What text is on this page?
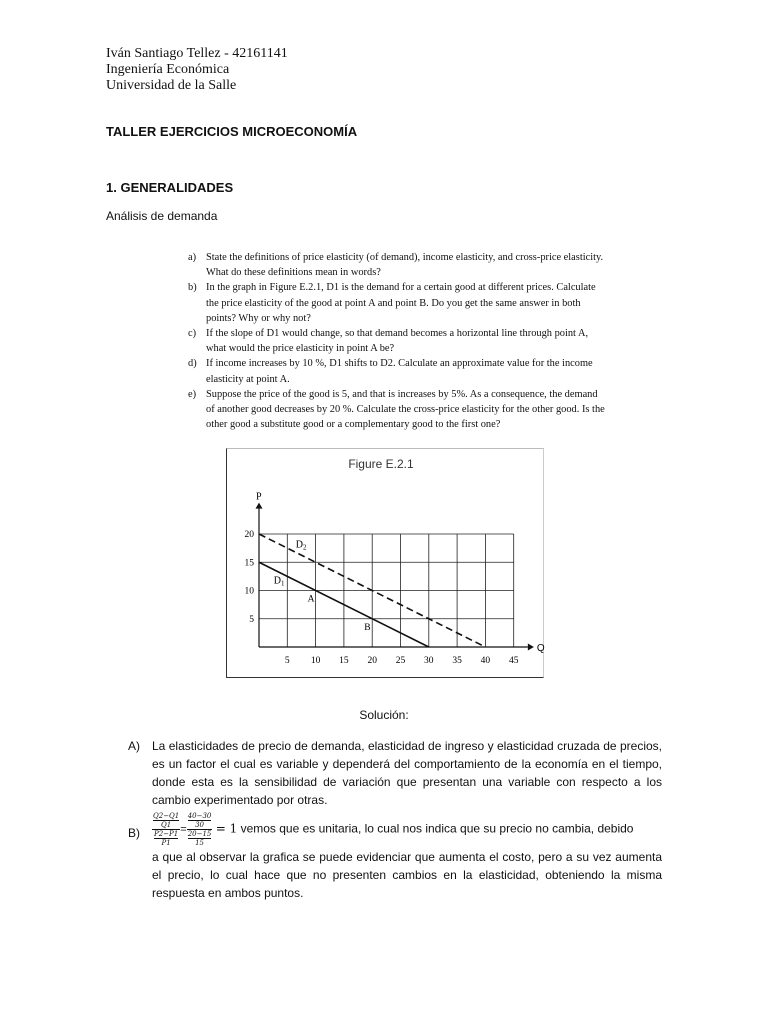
Iván Santiago Tellez - 42161141
Ingeniería Económica
Universidad de la Salle
TALLER EJERCICIOS MICROECONOMÍA
1. GENERALIDADES
Análisis de demanda
a) State the definitions of price elasticity (of demand), income elasticity, and cross-price elasticity. What do these definitions mean in words?
b) In the graph in Figure E.2.1, D1 is the demand for a certain good at different prices. Calculate the price elasticity of the good at point A and point B. Do you get the same answer in both points? Why or why not?
c) If the slope of D1 would change, so that demand becomes a horizontal line through point A, what would the price elasticity in point A be?
d) If income increases by 10 %, D1 shifts to D2. Calculate an approximate value for the income elasticity at point A.
e) Suppose the price of the good is 5, and that is increases by 5%. As a consequence, the demand of another good decreases by 20 %. Calculate the cross-price elasticity for the other good. Is the other good a substitute good or a complementary good to the first one?
Figure E.2.1
Q
P
5 10 15 20 25 30 35 40 45
5
10
15
20
A
B
$D_2$
$D_1$
Solución:
A) La elasticidades de precio de demanda, elasticidad de ingreso y elasticidad cruzada de precios, es un factor el cual es variable y dependerá del comportamiento de la economía en el tiempo, donde esta es la sensibilidad de variación que presentan una variable con respecto a los cambio experimentado por otras.
$B) \frac{\frac{Q2-Q1}{Q1}}{\frac{P2-P1}{P1}} = \frac{\frac{40-30}{30}}{\frac{20-15}{15}} = 1$ vemos que es unitaria, lo cual nos indica que su precio no cambia, debido
a que al observar la grafica se puede evidenciar que aumenta el costo, pero a su vez aumenta el precio, lo cual hace que no presenten cambios en la elasticidad, obteniendo la misma respuesta en ambos puntos.
